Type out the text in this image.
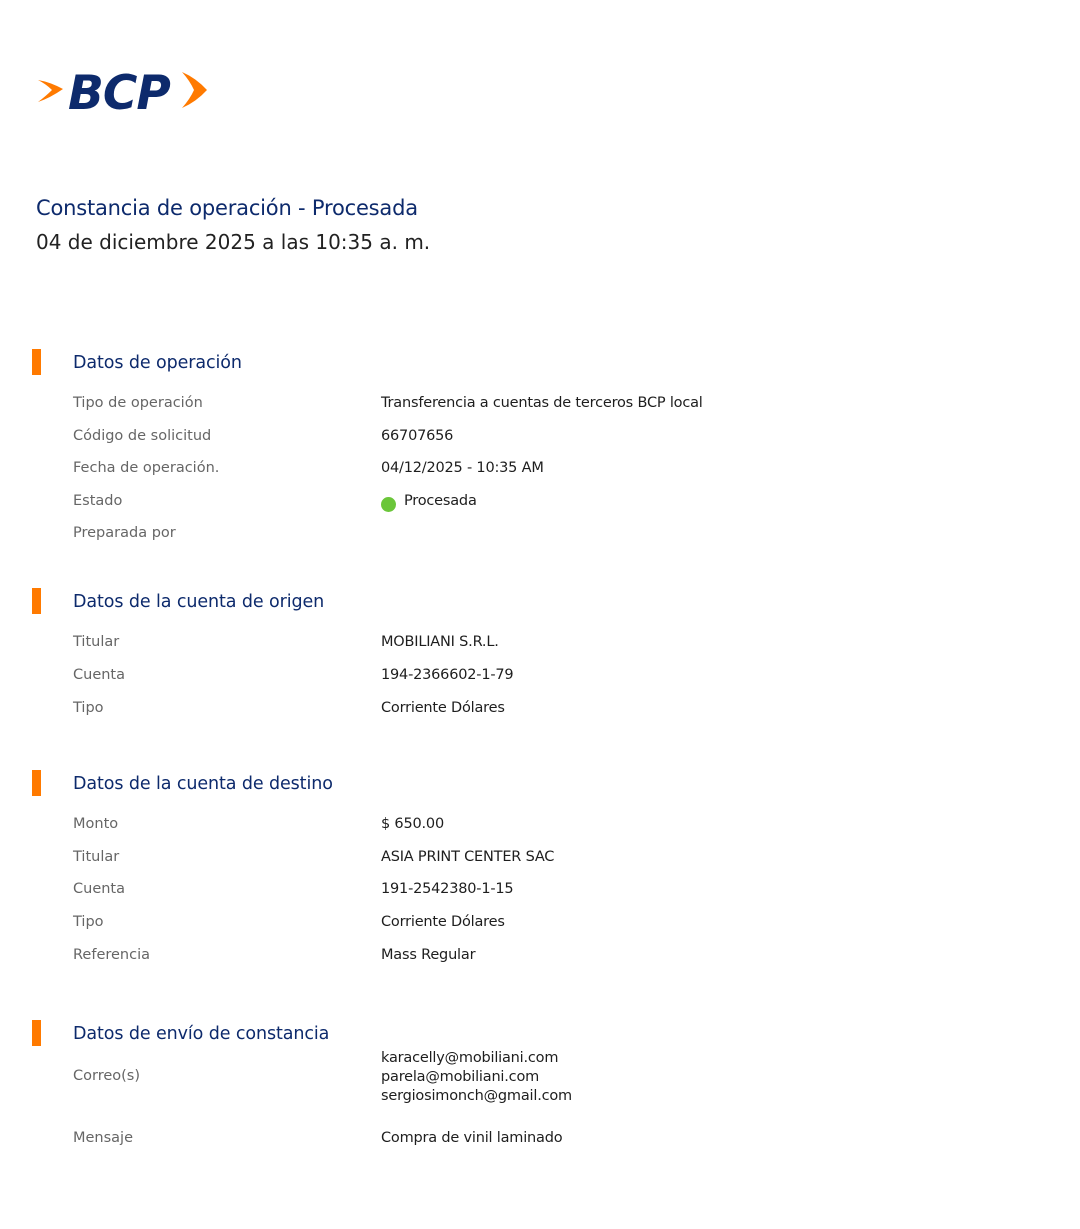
BCP
Constancia de operación - Procesada
04 de diciembre 2025 a las 10:35 a. m.
Datos de operación
Tipo de operación	Transferencia a cuentas de terceros BCP local
Código de solicitud	66707656
Fecha de operación.	04/12/2025 - 10:35 AM
Estado	Procesada
Preparada por
Datos de la cuenta de origen
Titular	MOBILIANI S.R.L.
Cuenta	194-2366602-1-79
Tipo	Corriente Dólares
Datos de la cuenta de destino
Monto	$ 650.00
Titular	ASIA PRINT CENTER SAC
Cuenta	191-2542380-1-15
Tipo	Corriente Dólares
Referencia	Mass Regular
Datos de envío de constancia
Correo(s)
karacelly@mobiliani.com
parela@mobiliani.com
sergiosimonch@gmail.com
Mensaje	Compra de vinil laminado
